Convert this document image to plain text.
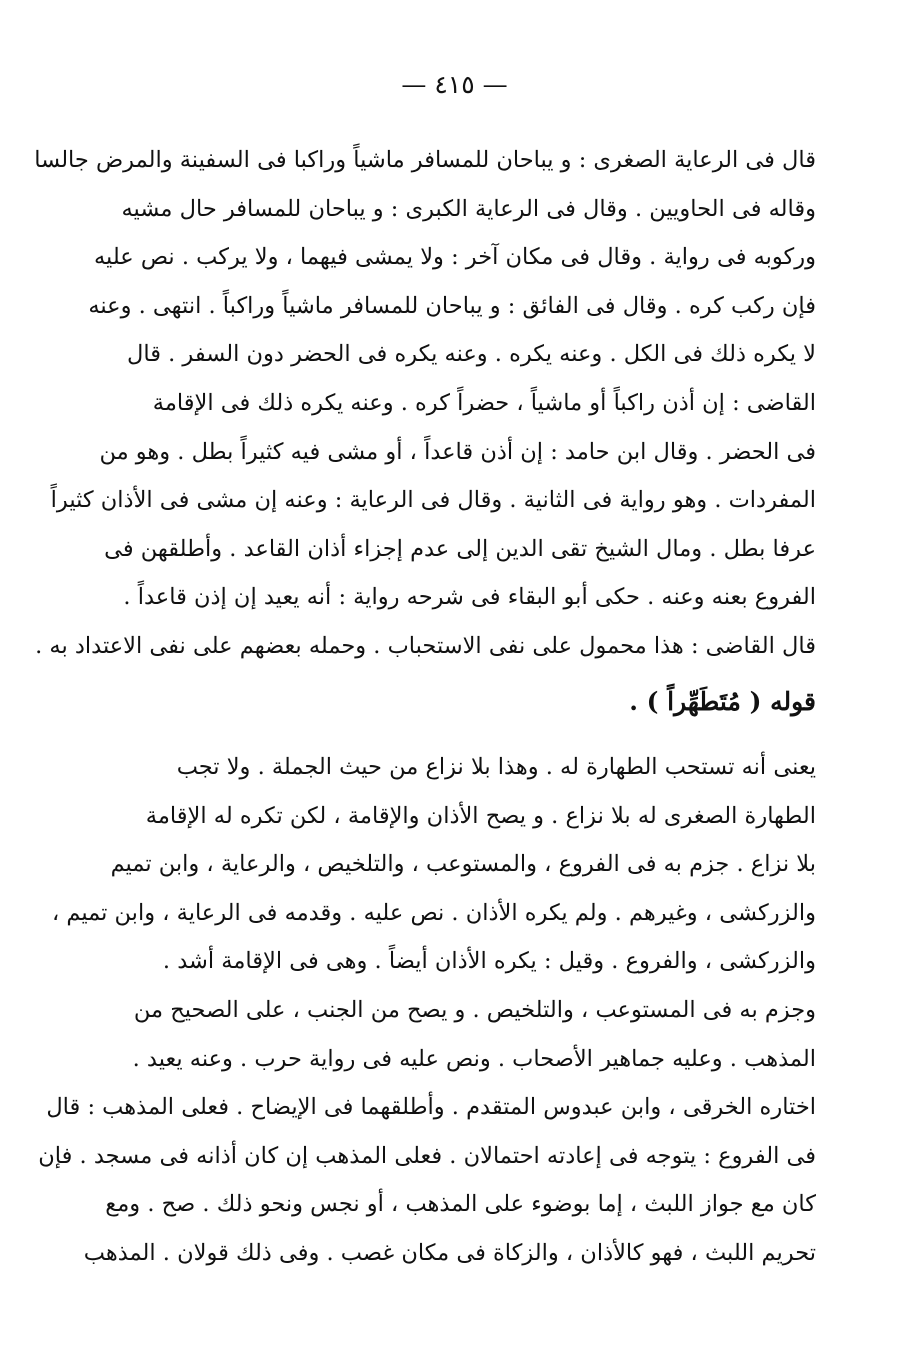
— ٤١٥ —
قال فى الرعاية الصغرى : و يباحان للمسافر ماشياً وراكبا فى السفينة والمرض جالسا
وقاله فى الحاويين . وقال فى الرعاية الكبرى : و يباحان للمسافر حال مشيه
وركوبه فى رواية . وقال فى مكان آخر : ولا يمشى فيهما ، ولا يركب . نص عليه
فإن ركب كره . وقال فى الفائق : و يباحان للمسافر ماشياً وراكباً . انتهى . وعنه
لا يكره ذلك فى الكل . وعنه يكره . وعنه يكره فى الحضر دون السفر . قال
القاضى : إن أذن راكباً أو ماشياً ، حضراً كره . وعنه يكره ذلك فى الإقامة
فى الحضر . وقال ابن حامد : إن أذن قاعداً ، أو مشى فيه كثيراً بطل . وهو من
المفردات . وهو رواية فى الثانية . وقال فى الرعاية : وعنه إن مشى فى الأذان كثيراً
عرفا بطل . ومال الشيخ تقى الدين إلى عدم إجزاء أذان القاعد . وأطلقهن فى
الفروع بعنه وعنه . حكى أبو البقاء فى شرحه رواية : أنه يعيد إن إذن قاعداً .
قال القاضى : هذا محمول على نفى الاستحباب . وحمله بعضهم على نفى الاعتداد به .
قوله ( مُتَطَهِّراً ) .
يعنى أنه تستحب الطهارة له . وهذا بلا نزاع من حيث الجملة . ولا تجب
الطهارة الصغرى له بلا نزاع . و يصح الأذان والإقامة ، لكن تكره له الإقامة
بلا نزاع . جزم به فى الفروع ، والمستوعب ، والتلخيص ، والرعاية ، وابن تميم
والزركشى ، وغيرهم . ولم يكره الأذان . نص عليه . وقدمه فى الرعاية ، وابن تميم ،
والزركشى ، والفروع . وقيل : يكره الأذان أيضاً . وهى فى الإقامة أشد .
وجزم به فى المستوعب ، والتلخيص . و يصح من الجنب ، على الصحيح من
المذهب . وعليه جماهير الأصحاب . ونص عليه فى رواية حرب . وعنه يعيد .
اختاره الخرقى ، وابن عبدوس المتقدم . وأطلقهما فى الإيضاح . فعلى المذهب : قال
فى الفروع : يتوجه فى إعادته احتمالان . فعلى المذهب إن كان أذانه فى مسجد . فإن
كان مع جواز اللبث ، إما بوضوء على المذهب ، أو نجس ونحو ذلك . صح . ومع
تحريم اللبث ، فهو كالأذان ، والزكاة فى مكان غصب . وفى ذلك قولان . المذهب
